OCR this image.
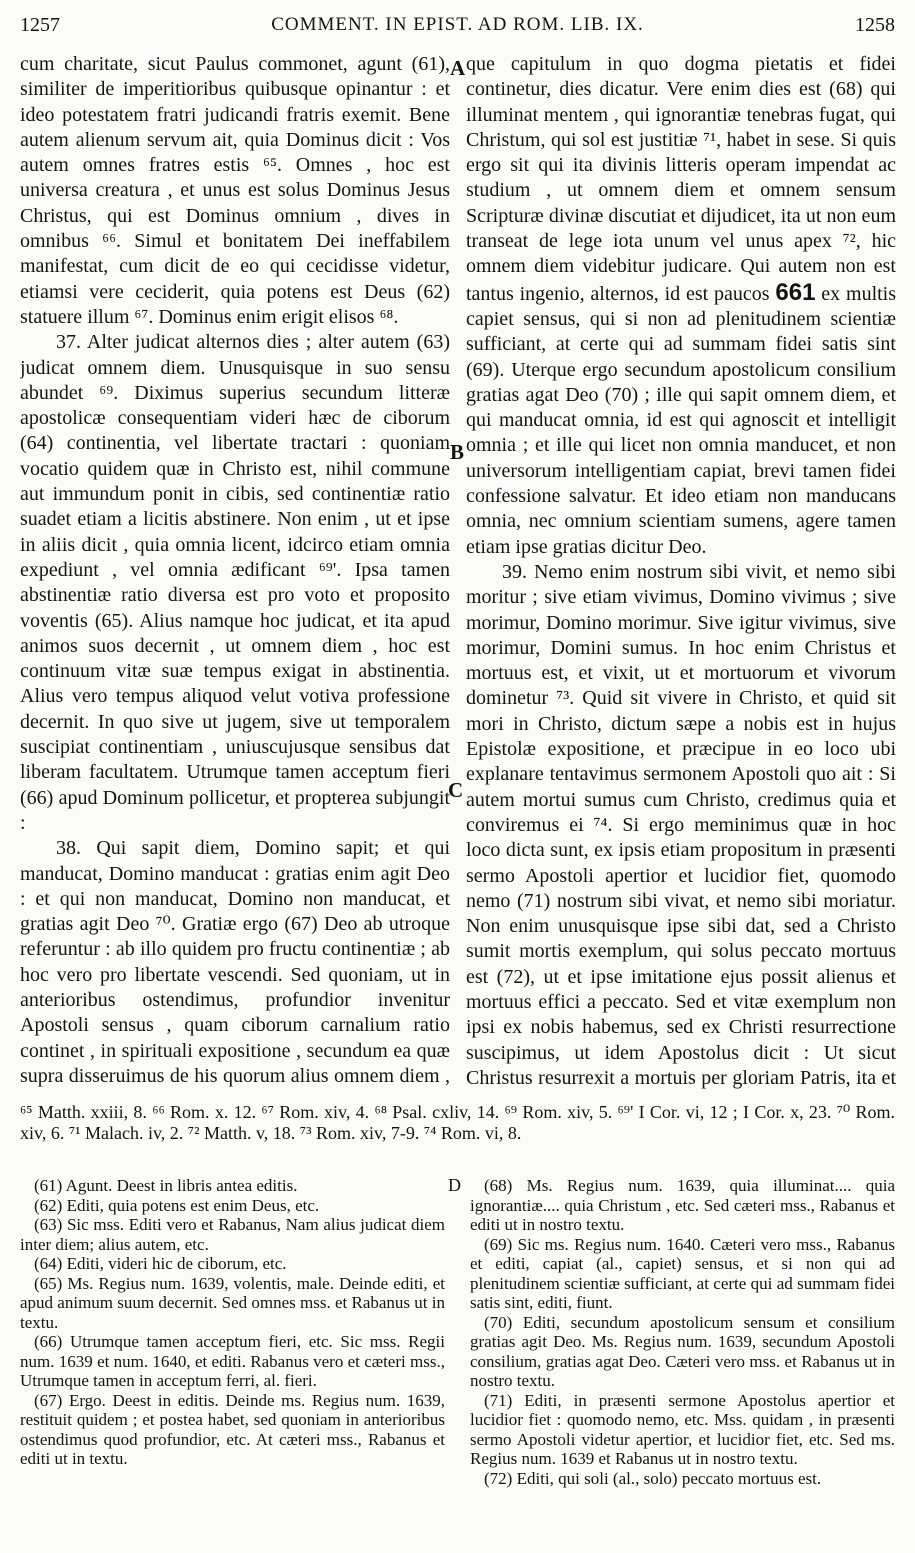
1257	COMMENT. IN EPIST. AD ROM. LIB. IX.	1258
A
B
C
D

cum charitate, sicut Paulus commonet, agunt (61), similiter de imperitioribus quibusque opinantur : et ideo potestatem fratri judicandi fratris exemit. Bene autem alienum servum ait, quia Dominus dicit : Vos autem omnes fratres estis ⁶⁵. Omnes , hoc est universa creatura , et unus est solus Dominus Jesus Christus, qui est Dominus omnium , dives in omnibus ⁶⁶. Simul et bonitatem Dei ineffabilem manifestat, cum dicit de eo qui cecidisse videtur, etiamsi vere ceciderit, quia potens est Deus (62) statuere illum ⁶⁷. Dominus enim erigit elisos ⁶⁸.

37. Alter judicat alternos dies ; alter autem (63) judicat omnem diem. Unusquisque in suo sensu abundet ⁶⁹. Diximus superius secundum litteræ apostolicæ consequentiam videri hæc de ciborum (64) continentia, vel libertate tractari : quoniam vocatio quidem quæ in Christo est, nihil commune aut immundum ponit in cibis, sed continentiæ ratio suadet etiam a licitis abstinere. Non enim , ut et ipse in aliis dicit , quia omnia licent, idcirco etiam omnia expediunt , vel omnia ædificant ⁶⁹'. Ipsa tamen abstinentiæ ratio diversa est pro voto et proposito voventis (65). Alius namque hoc judicat, et ita apud animos suos decernit , ut omnem diem , hoc est continuum vitæ suæ tempus exigat in abstinentia. Alius vero tempus aliquod velut votiva professione decernit. In quo sive ut jugem, sive ut temporalem suscipiat continentiam , uniuscujusque sensibus dat liberam facultatem. Utrumque tamen acceptum fieri (66) apud Dominum pollicetur, et propterea subjungit :

38. Qui sapit diem, Domino sapit; et qui manducat, Domino manducat : gratias enim agit Deo : et qui non manducat, Domino non manducat, et gratias agit Deo ⁷⁰. Gratiæ ergo (67) Deo ab utroque referuntur : ab illo quidem pro fructu continentiæ ; ab hoc vero pro libertate vescendi. Sed quoniam, ut in anterioribus ostendimus, profundior invenitur Apostoli sensus , quam ciborum carnalium ratio continet , in spirituali expositione , secundum ea quæ supra disseruimus de his quorum alius omnem diem ,

que capitulum in quo dogma pietatis et fidei continetur, dies dicatur. Vere enim dies est (68) qui illuminat mentem , qui ignorantiæ tenebras fugat, qui Christum, qui sol est justitiæ ⁷¹, habet in sese. Si quis ergo sit qui ita divinis litteris operam impendat ac studium , ut omnem diem et omnem sensum Scripturæ divinæ discutiat et dijudicet, ita ut non eum transeat de lege iota unum vel unus apex ⁷², hic omnem diem videbitur judicare. Qui autem non est tantus ingenio, alternos, id est paucos 661 ex multis capiet sensus, qui si non ad plenitudinem scientiæ sufficiant, at certe qui ad summam fidei satis sint (69). Uterque ergo secundum apostolicum consilium gratias agat Deo (70) ; ille qui sapit omnem diem, et qui manducat omnia, id est qui agnoscit et intelligit omnia ; et ille qui licet non omnia manducet, et non universorum intelligentiam capiat, brevi tamen fidei confessione salvatur. Et ideo etiam non manducans omnia, nec omnium scientiam sumens, agere tamen etiam ipse gratias dicitur Deo.

39. Nemo enim nostrum sibi vivit, et nemo sibi moritur ; sive etiam vivimus, Domino vivimus ; sive morimur, Domino morimur. Sive igitur vivimus, sive morimur, Domini sumus. In hoc enim Christus et mortuus est, et vixit, ut et mortuorum et vivorum dominetur ⁷³. Quid sit vivere in Christo, et quid sit mori in Christo, dictum sæpe a nobis est in hujus Epistolæ expositione, et præcipue in eo loco ubi explanare tentavimus sermonem Apostoli quo ait : Si autem mortui sumus cum Christo, credimus quia et conviremus ei ⁷⁴. Si ergo meminimus quæ in hoc loco dicta sunt, ex ipsis etiam propositum in præsenti sermo Apostoli apertior et lucidior fiet, quomodo nemo (71) nostrum sibi vivat, et nemo sibi moriatur. Non enim unusquisque ipse sibi dat, sed a Christo sumit mortis exemplum, qui solus peccato mortuus est (72), ut et ipse imitatione ejus possit alienus et mortuus effici a peccato. Sed et vitæ exemplum non ipsi ex nobis habemus, sed ex Christi resurrectione suscipimus, ut idem Apostolus dicit : Ut sicut Christus resurrexit a mortuis per gloriam Patris, ita et

⁶⁵ Matth. xxiii, 8. ⁶⁶ Rom. x. 12. ⁶⁷ Rom. xiv, 4. ⁶⁸ Psal. cxliv, 14. ⁶⁹ Rom. xiv, 5. ⁶⁹' I Cor. vi, 12 ; I Cor. x, 23. ⁷⁰ Rom. xiv, 6. ⁷¹ Malach. iv, 2. ⁷² Matth. v, 18. ⁷³ Rom. xiv, 7-9. ⁷⁴ Rom. vi, 8.

(61) Agunt. Deest in libris antea editis.

(62) Editi, quia potens est enim Deus, etc.

(63) Sic mss. Editi vero et Rabanus, Nam alius judicat diem inter diem; alius autem, etc.

(64) Editi, videri hic de ciborum, etc.

(65) Ms. Regius num. 1639, volentis, male. Deinde editi, et apud animum suum decernit. Sed omnes mss. et Rabanus ut in textu.

(66) Utrumque tamen acceptum fieri, etc. Sic mss. Regii num. 1639 et num. 1640, et editi. Rabanus vero et cæteri mss., Utrumque tamen in acceptum ferri, al. fieri.

(67) Ergo. Deest in editis. Deinde ms. Regius num. 1639, restituit quidem ; et postea habet, sed quoniam in anterioribus ostendimus quod profundior, etc. At cæteri mss., Rabanus et editi ut in textu.

(68) Ms. Regius num. 1639, quia illuminat.... quia ignorantiæ.... quia Christum , etc. Sed cæteri mss., Rabanus et editi ut in nostro textu.

(69) Sic ms. Regius num. 1640. Cæteri vero mss., Rabanus et editi, capiat (al., capiet) sensus, et si non qui ad plenitudinem scientiæ sufficiant, at certe qui ad summam fidei satis sint, editi, fiunt.

(70) Editi, secundum apostolicum sensum et consilium gratias agit Deo. Ms. Regius num. 1639, secundum Apostoli consilium, gratias agat Deo. Cæteri vero mss. et Rabanus ut in nostro textu.

(71) Editi, in præsenti sermone Apostolus apertior et lucidior fiet : quomodo nemo, etc. Mss. quidam , in præsenti sermo Apostoli videtur apertior, et lucidior fiet, etc. Sed ms. Regius num. 1639 et Rabanus ut in nostro textu.

(72) Editi, qui soli (al., solo) peccato mortuus est.
